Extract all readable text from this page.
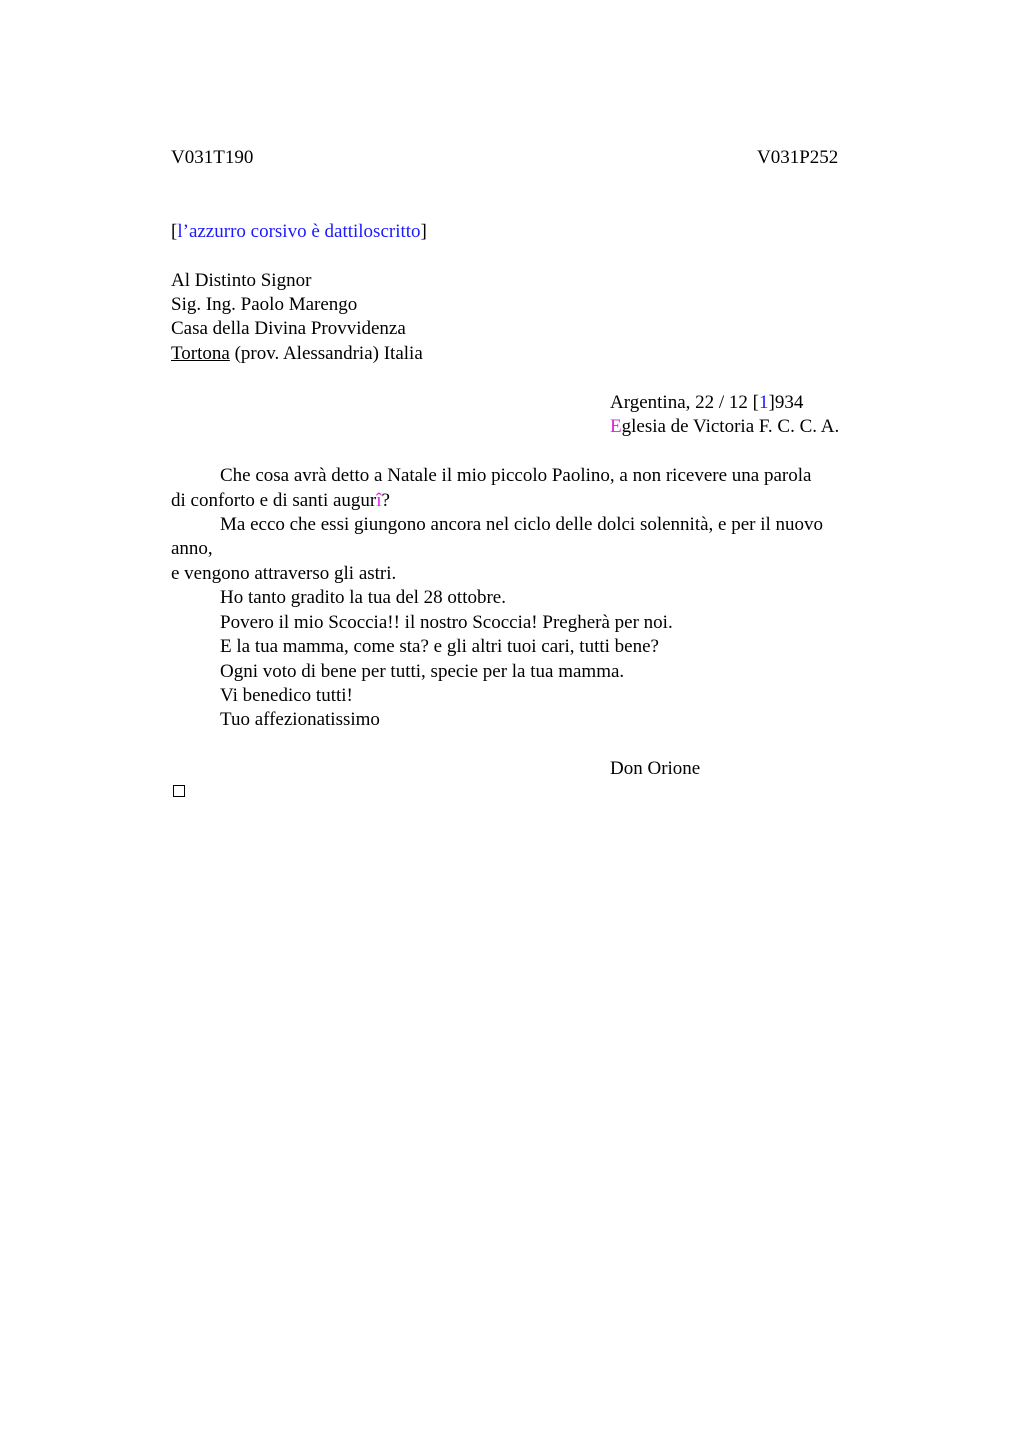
V031T190	V031P252
[l’azzurro corsivo è dattiloscritto]
Al Distinto Signor
Sig. Ing. Paolo Marengo
Casa della Divina Provvidenza
Tortona (prov. Alessandria) Italia
Argentina, 22 / 12 [1]934
Eglesia de Victoria F. C. C. A.
Che cosa avrà detto a Natale il mio piccolo Paolino, a non ricevere una parola
di conforto e di santi augurî?
Ma ecco che essi giungono ancora nel ciclo delle dolci solennità, e per il nuovo
anno,
e vengono attraverso gli astri.
Ho tanto gradito la tua del 28 ottobre.
Povero il mio Scoccia!! il nostro Scoccia! Pregherà per noi.
E la tua mamma, come sta? e gli altri tuoi cari, tutti bene?
Ogni voto di bene per tutti, specie per la tua mamma.
Vi benedico tutti!
Tuo affezionatissimo
Don Orione
